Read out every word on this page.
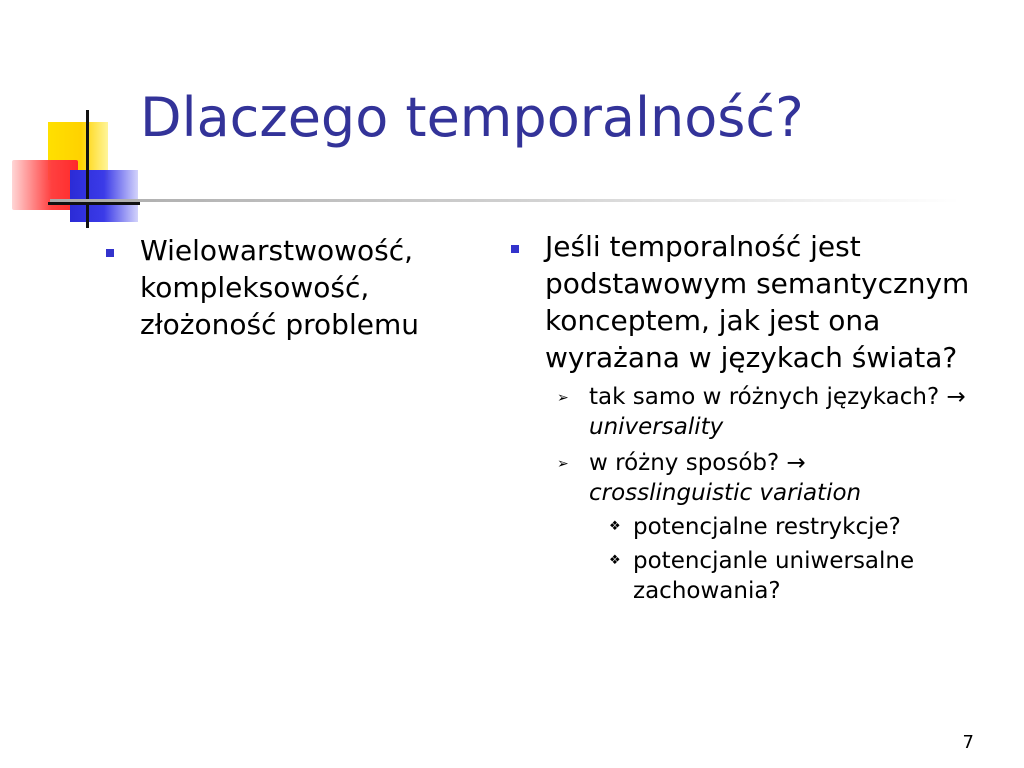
Dlaczego temporalność?
Wielowarstwowość, kompleksowość, złożoność problemu
Jeśli temporalność jest podstawowym semantycznym konceptem, jak jest ona wyrażana w językach świata?
➢ tak samo w różnych językach? → universality
➢ w różny sposób? →
crosslinguistic variation
❖ potencjalne restrykcje?
❖ potencjanle uniwersalne zachowania?
7
